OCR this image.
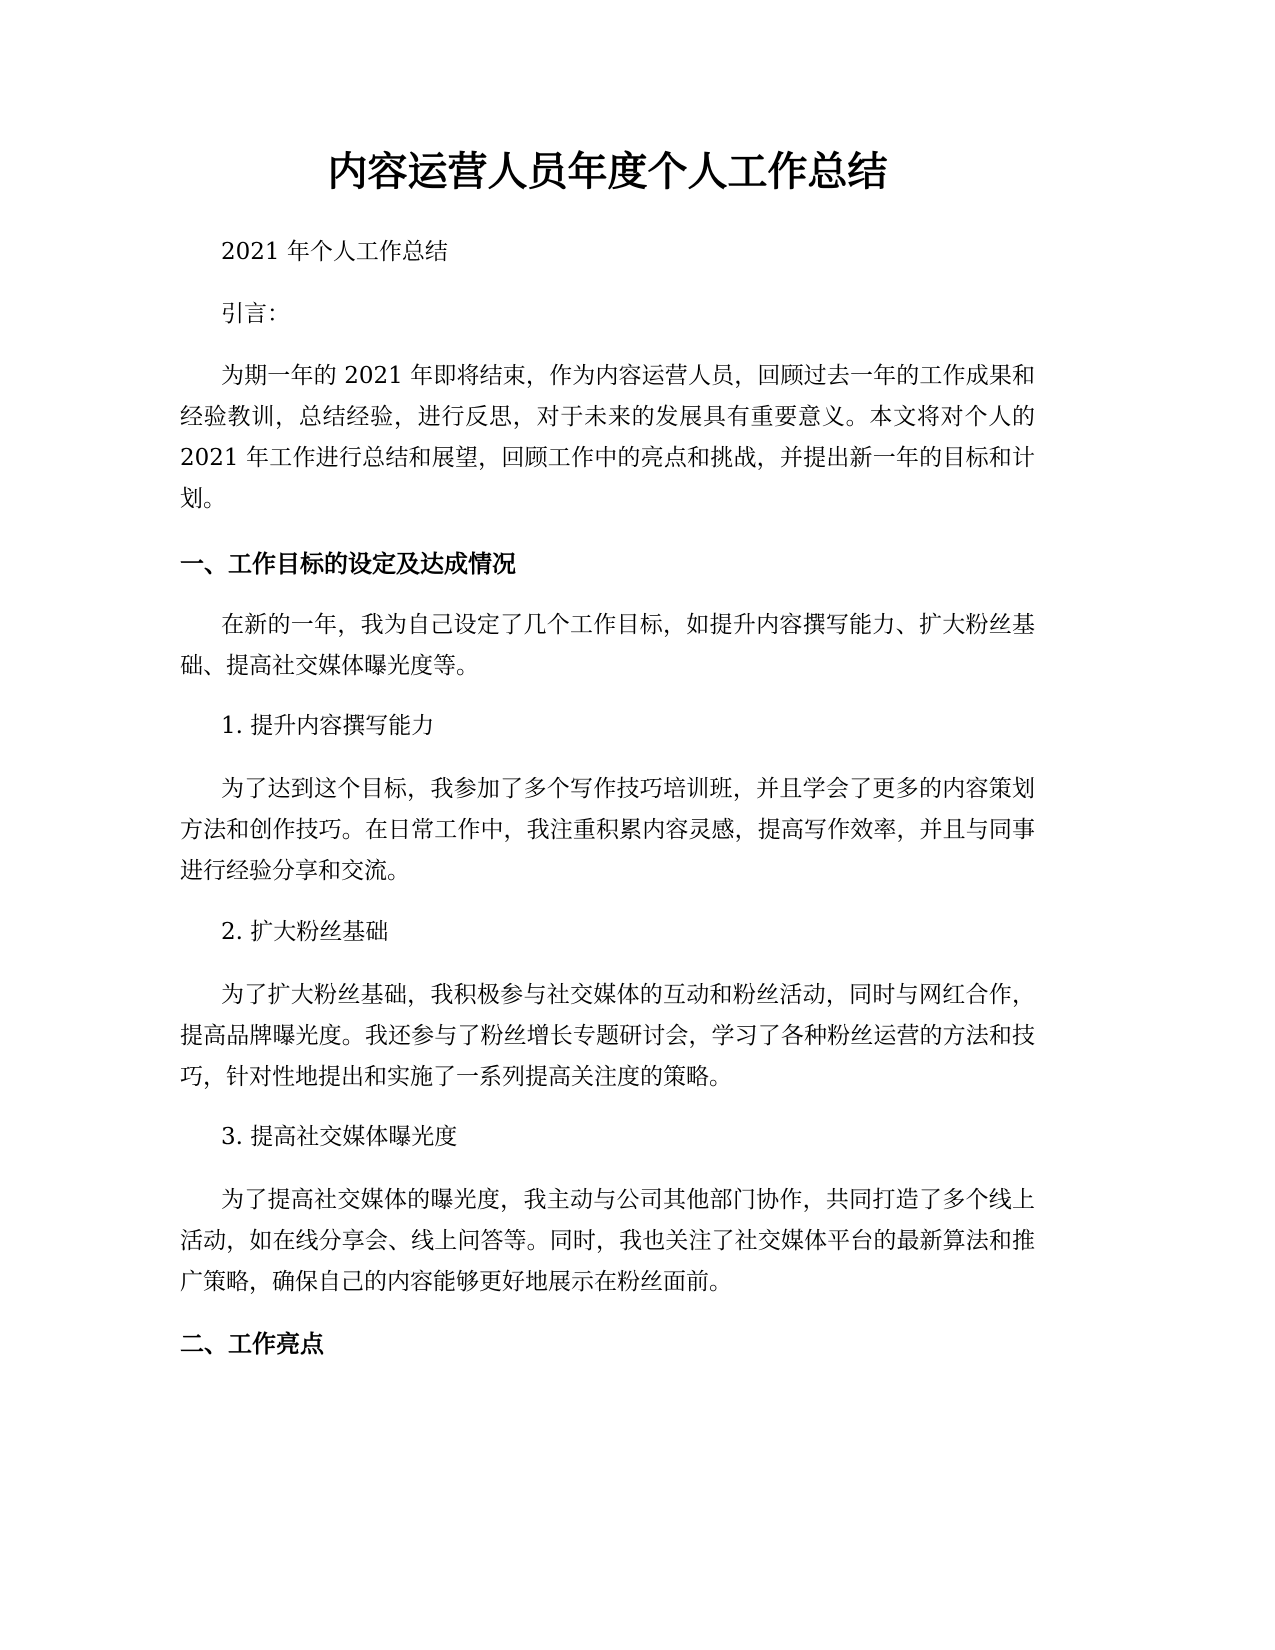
内容运营人员年度个人工作总结

2021 年个人工作总结

引言：

为期一年的 2021 年即将结束，作为内容运营人员，回顾过去一年的工作成果和经验教训，总结经验，进行反思，对于未来的发展具有重要意义。本文将对个人的 2021 年工作进行总结和展望，回顾工作中的亮点和挑战，并提出新一年的目标和计划。

一、工作目标的设定及达成情况

在新的一年，我为自己设定了几个工作目标，如提升内容撰写能力、扩大粉丝基础、提高社交媒体曝光度等。

1. 提升内容撰写能力

为了达到这个目标，我参加了多个写作技巧培训班，并且学会了更多的内容策划方法和创作技巧。在日常工作中，我注重积累内容灵感，提高写作效率，并且与同事进行经验分享和交流。

2. 扩大粉丝基础

为了扩大粉丝基础，我积极参与社交媒体的互动和粉丝活动，同时与网红合作，提高品牌曝光度。我还参与了粉丝增长专题研讨会，学习了各种粉丝运营的方法和技巧，针对性地提出和实施了一系列提高关注度的策略。

3. 提高社交媒体曝光度

为了提高社交媒体的曝光度，我主动与公司其他部门协作，共同打造了多个线上活动，如在线分享会、线上问答等。同时，我也关注了社交媒体平台的最新算法和推广策略，确保自己的内容能够更好地展示在粉丝面前。

二、工作亮点
